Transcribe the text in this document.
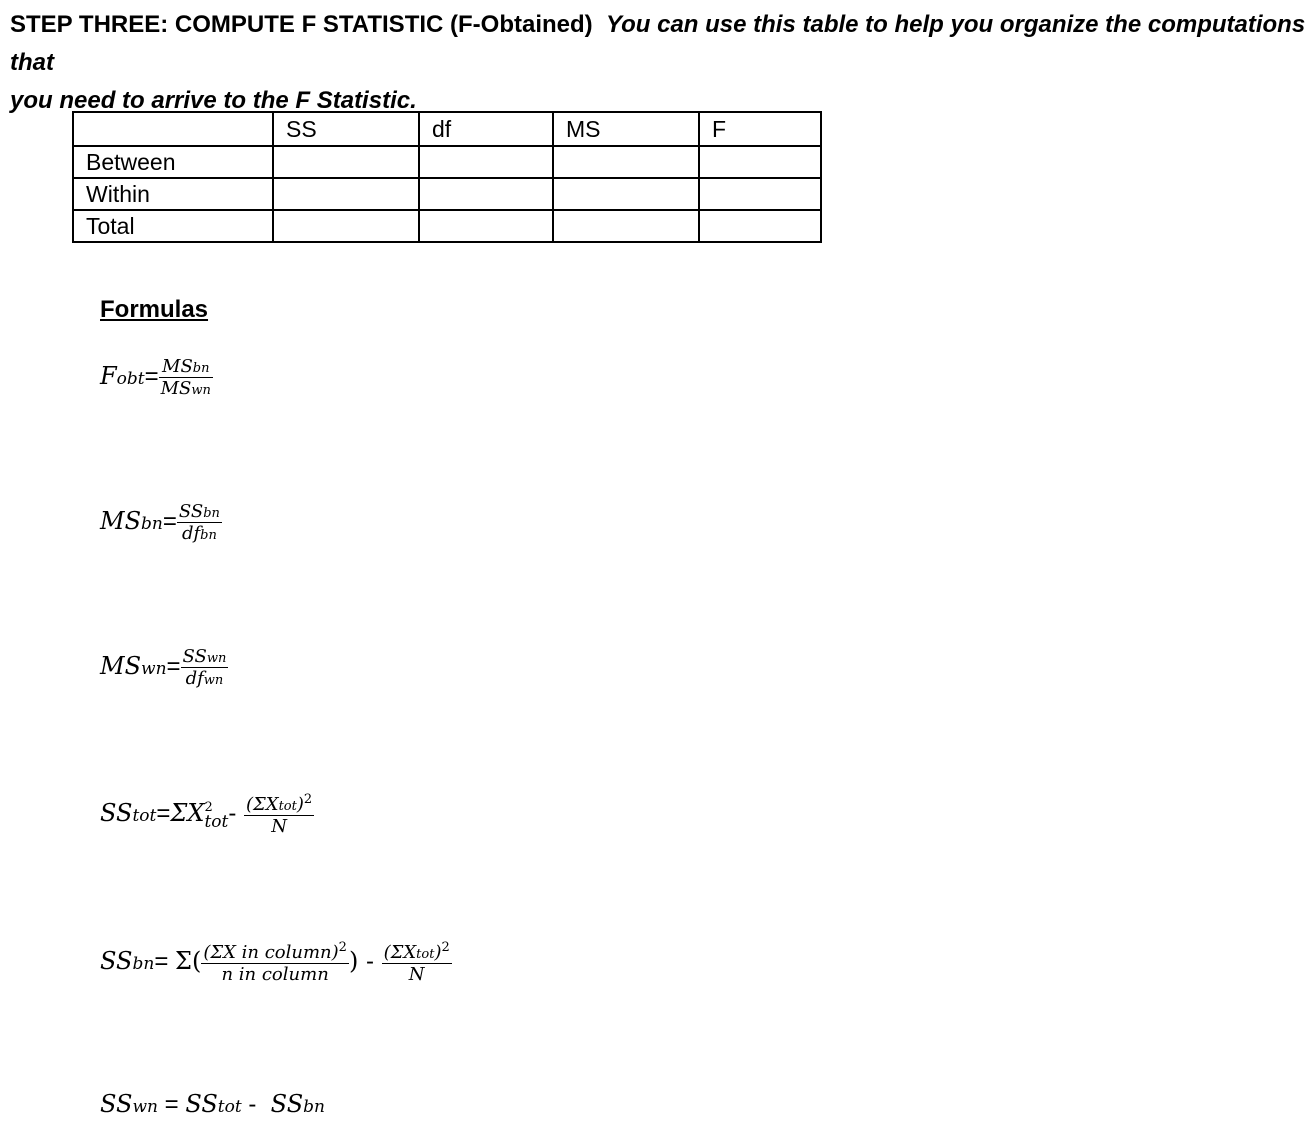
STEP THREE: COMPUTE F STATISTIC (F-Obtained) You can use this table to help you organize the computations that
you need to arrive to the F Statistic.
	SS	df	MS	F
Between				
Within				
Total				
Formulas
Fobt= $\frac{\text{MSbn}}{\text{MSwn}}$
MSbn= $\frac{\text{SSbn}}{\text{dfbn}}$
MSwn= $\frac{\text{SSwn}}{\text{dfwn}}$
SStot=ΣX 2
tot - $\frac{(\Sigma Xtot)^2}{N}$
SSbn= $\Sigma( \frac{(\Sigma X in column)^2}{\text{n in column}}$ ) - $\frac{(\Sigma Xtot)^2}{N}$
SSwn = SStot -  SSbn
